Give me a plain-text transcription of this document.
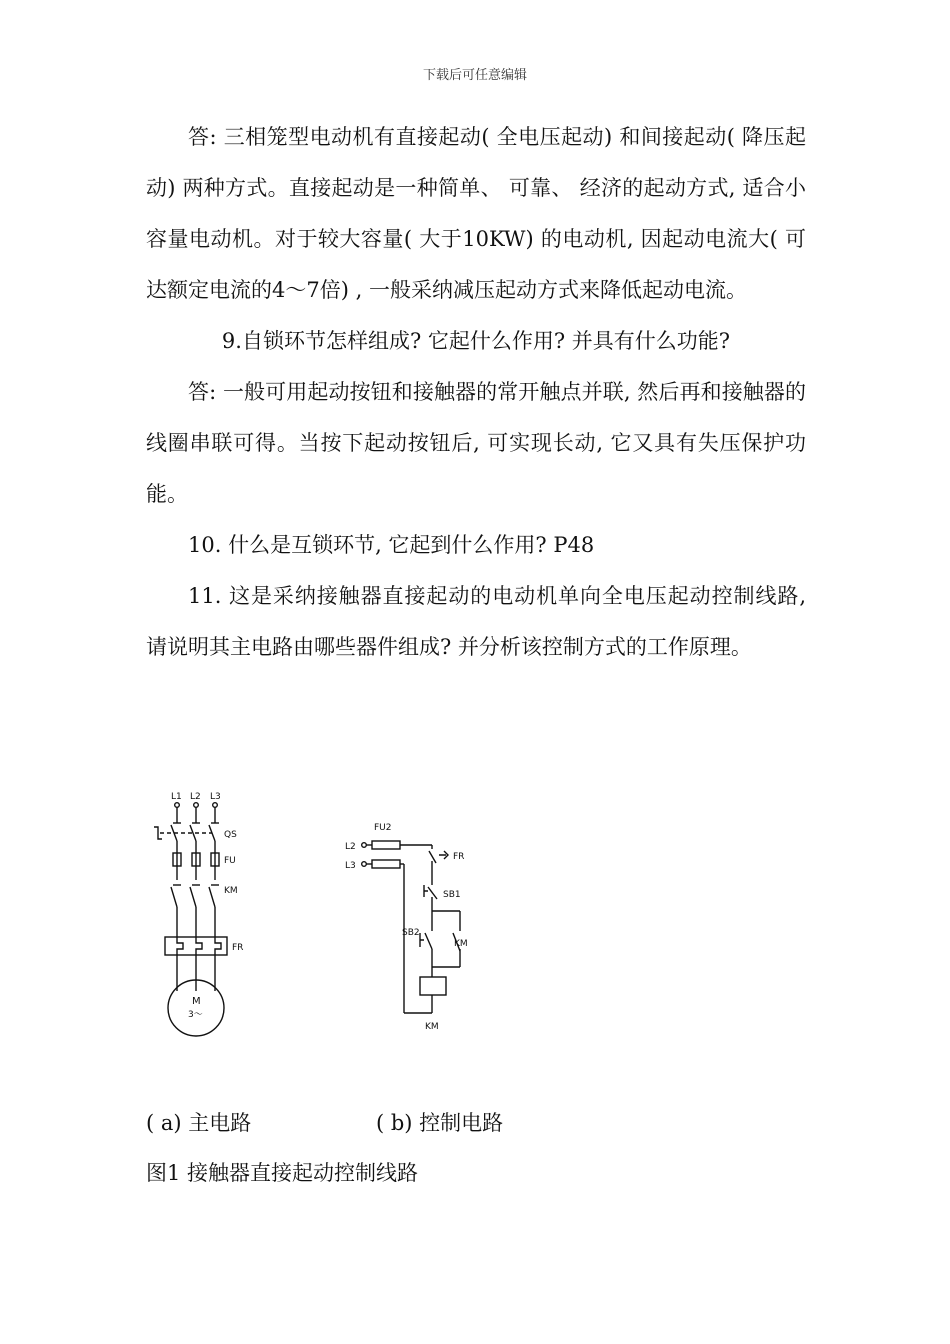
下载后可任意编辑

答: 三相笼型电动机有直接起动( 全电压起动) 和间接起动( 降压起动) 两种方式。直接起动是一种简单、 可靠、 经济的起动方式, 适合小容量电动机。对于较大容量( 大于10KW) 的电动机, 因起动电流大( 可达额定电流的4～7倍) , 一般采纳减压起动方式来降低起动电流。

9.自锁环节怎样组成? 它起什么作用? 并具有什么功能?

答: 一般可用起动按钮和接触器的常开触点并联, 然后再和接触器的线圈串联可得。当按下起动按钮后, 可实现长动, 它又具有失压保护功能。

10. 什么是互锁环节, 它起到什么作用? P48

11. 这是采纳接触器直接起动的电动机单向全电压起动控制线路, 请说明其主电路由哪些器件组成? 并分析该控制方式的工作原理。

L1 L2 L3
QS
FU
KM
FR
M
3～
FU2
L2
L3
FR
SB1
SB2
KM
KM
( a) 主电路	( b) 控制电路
图1 接触器直接起动控制线路
